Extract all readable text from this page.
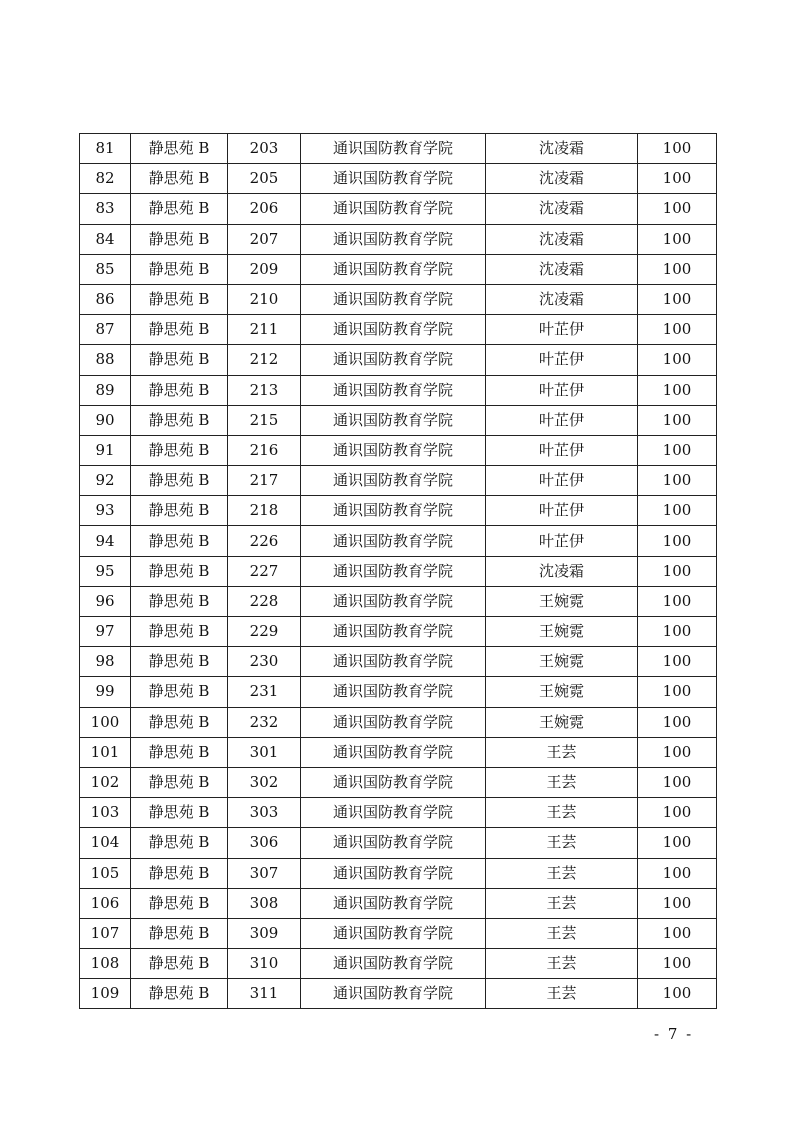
81	静思苑 B	203	通识国防教育学院	沈凌霜	100
82	静思苑 B	205	通识国防教育学院	沈凌霜	100
83	静思苑 B	206	通识国防教育学院	沈凌霜	100
84	静思苑 B	207	通识国防教育学院	沈凌霜	100
85	静思苑 B	209	通识国防教育学院	沈凌霜	100
86	静思苑 B	210	通识国防教育学院	沈凌霜	100
87	静思苑 B	211	通识国防教育学院	叶芷伊	100
88	静思苑 B	212	通识国防教育学院	叶芷伊	100
89	静思苑 B	213	通识国防教育学院	叶芷伊	100
90	静思苑 B	215	通识国防教育学院	叶芷伊	100
91	静思苑 B	216	通识国防教育学院	叶芷伊	100
92	静思苑 B	217	通识国防教育学院	叶芷伊	100
93	静思苑 B	218	通识国防教育学院	叶芷伊	100
94	静思苑 B	226	通识国防教育学院	叶芷伊	100
95	静思苑 B	227	通识国防教育学院	沈凌霜	100
96	静思苑 B	228	通识国防教育学院	王婉霓	100
97	静思苑 B	229	通识国防教育学院	王婉霓	100
98	静思苑 B	230	通识国防教育学院	王婉霓	100
99	静思苑 B	231	通识国防教育学院	王婉霓	100
100	静思苑 B	232	通识国防教育学院	王婉霓	100
101	静思苑 B	301	通识国防教育学院	王芸	100
102	静思苑 B	302	通识国防教育学院	王芸	100
103	静思苑 B	303	通识国防教育学院	王芸	100
104	静思苑 B	306	通识国防教育学院	王芸	100
105	静思苑 B	307	通识国防教育学院	王芸	100
106	静思苑 B	308	通识国防教育学院	王芸	100
107	静思苑 B	309	通识国防教育学院	王芸	100
108	静思苑 B	310	通识国防教育学院	王芸	100
109	静思苑 B	311	通识国防教育学院	王芸	100
- 7 -
